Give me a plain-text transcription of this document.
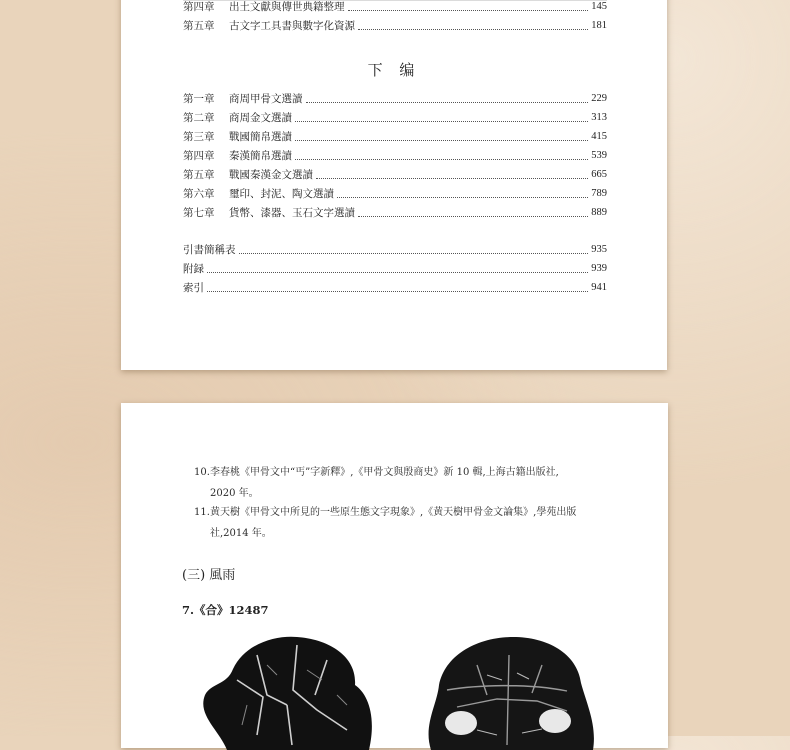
第四章	出土文獻與傳世典籍整理	145
第五章	古文字工具書與數字化資源	181
下 编
第一章	商周甲骨文選讀	229
第二章	商周金文選讀	313
第三章	戰國簡帛選讀	415
第四章	秦漢簡帛選讀	539
第五章	戰國秦漢金文選讀	665
第六章	璽印、封泥、陶文選讀	789
第七章	貨幣、漆器、玉石文字選讀	889
引書簡稱表	935
附録	939
索引	941
10.李春桃《甲骨文中“丐”字新釋》,《甲骨文與殷商史》新 10 輯,上海古籍出版社,
2020 年。
11.黄天樹《甲骨文中所見的一些原生態文字現象》,《黄天樹甲骨金文論集》,學苑出版
社,2014 年。
(三) 風雨
7.《合》12487
